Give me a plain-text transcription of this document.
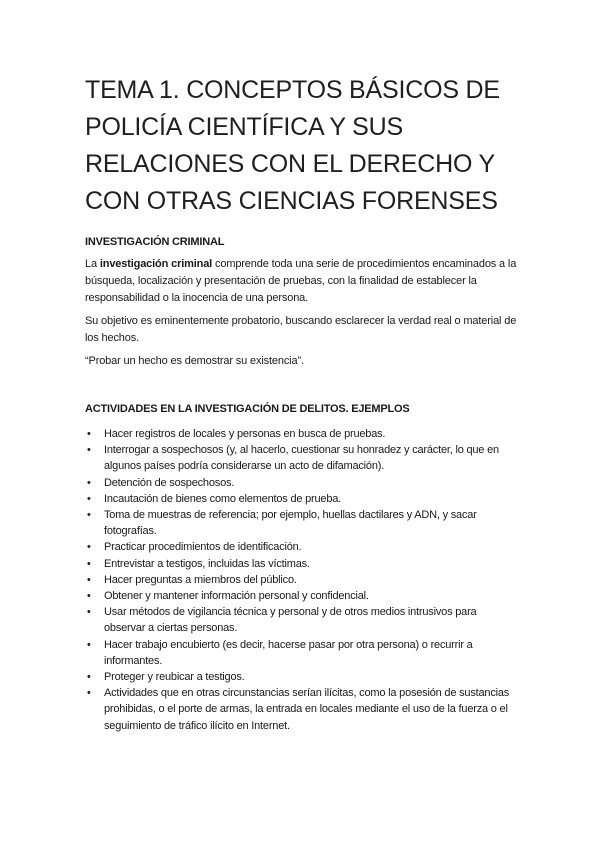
TEMA 1. CONCEPTOS BÁSICOS DE POLICÍA CIENTÍFICA Y SUS RELACIONES CON EL DERECHO Y CON OTRAS CIENCIAS FORENSES
INVESTIGACIÓN CRIMINAL

La investigación criminal comprende toda una serie de procedimientos encaminados a la búsqueda, localización y presentación de pruebas, con la finalidad de establecer la responsabilidad o la inocencia de una persona.

Su objetivo es eminentemente probatorio, buscando esclarecer la verdad real o material de los hechos.

“Probar un hecho es demostrar su existencia”.

ACTIVIDADES EN LA INVESTIGACIÓN DE DELITOS. EJEMPLOS
• Hacer registros de locales y personas en busca de pruebas.
• Interrogar a sospechosos (y, al hacerlo, cuestionar su honradez y carácter, lo que en algunos países podría considerarse un acto de difamación).
• Detención de sospechosos.
• Incautación de bienes como elementos de prueba.
• Toma de muestras de referencia; por ejemplo, huellas dactilares y ADN, y sacar fotografías.
• Practicar procedimientos de identificación.
• Entrevistar a testigos, incluidas las víctimas.
• Hacer preguntas a miembros del público.
• Obtener y mantener información personal y confidencial.
• Usar métodos de vigilancia técnica y personal y de otros medios intrusivos para observar a ciertas personas.
• Hacer trabajo encubierto (es decir, hacerse pasar por otra persona) o recurrir a informantes.
• Proteger y reubicar a testigos.
• Actividades que en otras circunstancias serían ilícitas, como la posesión de sustancias prohibidas, o el porte de armas, la entrada en locales mediante el uso de la fuerza o el seguimiento de tráfico ilícito en Internet.
